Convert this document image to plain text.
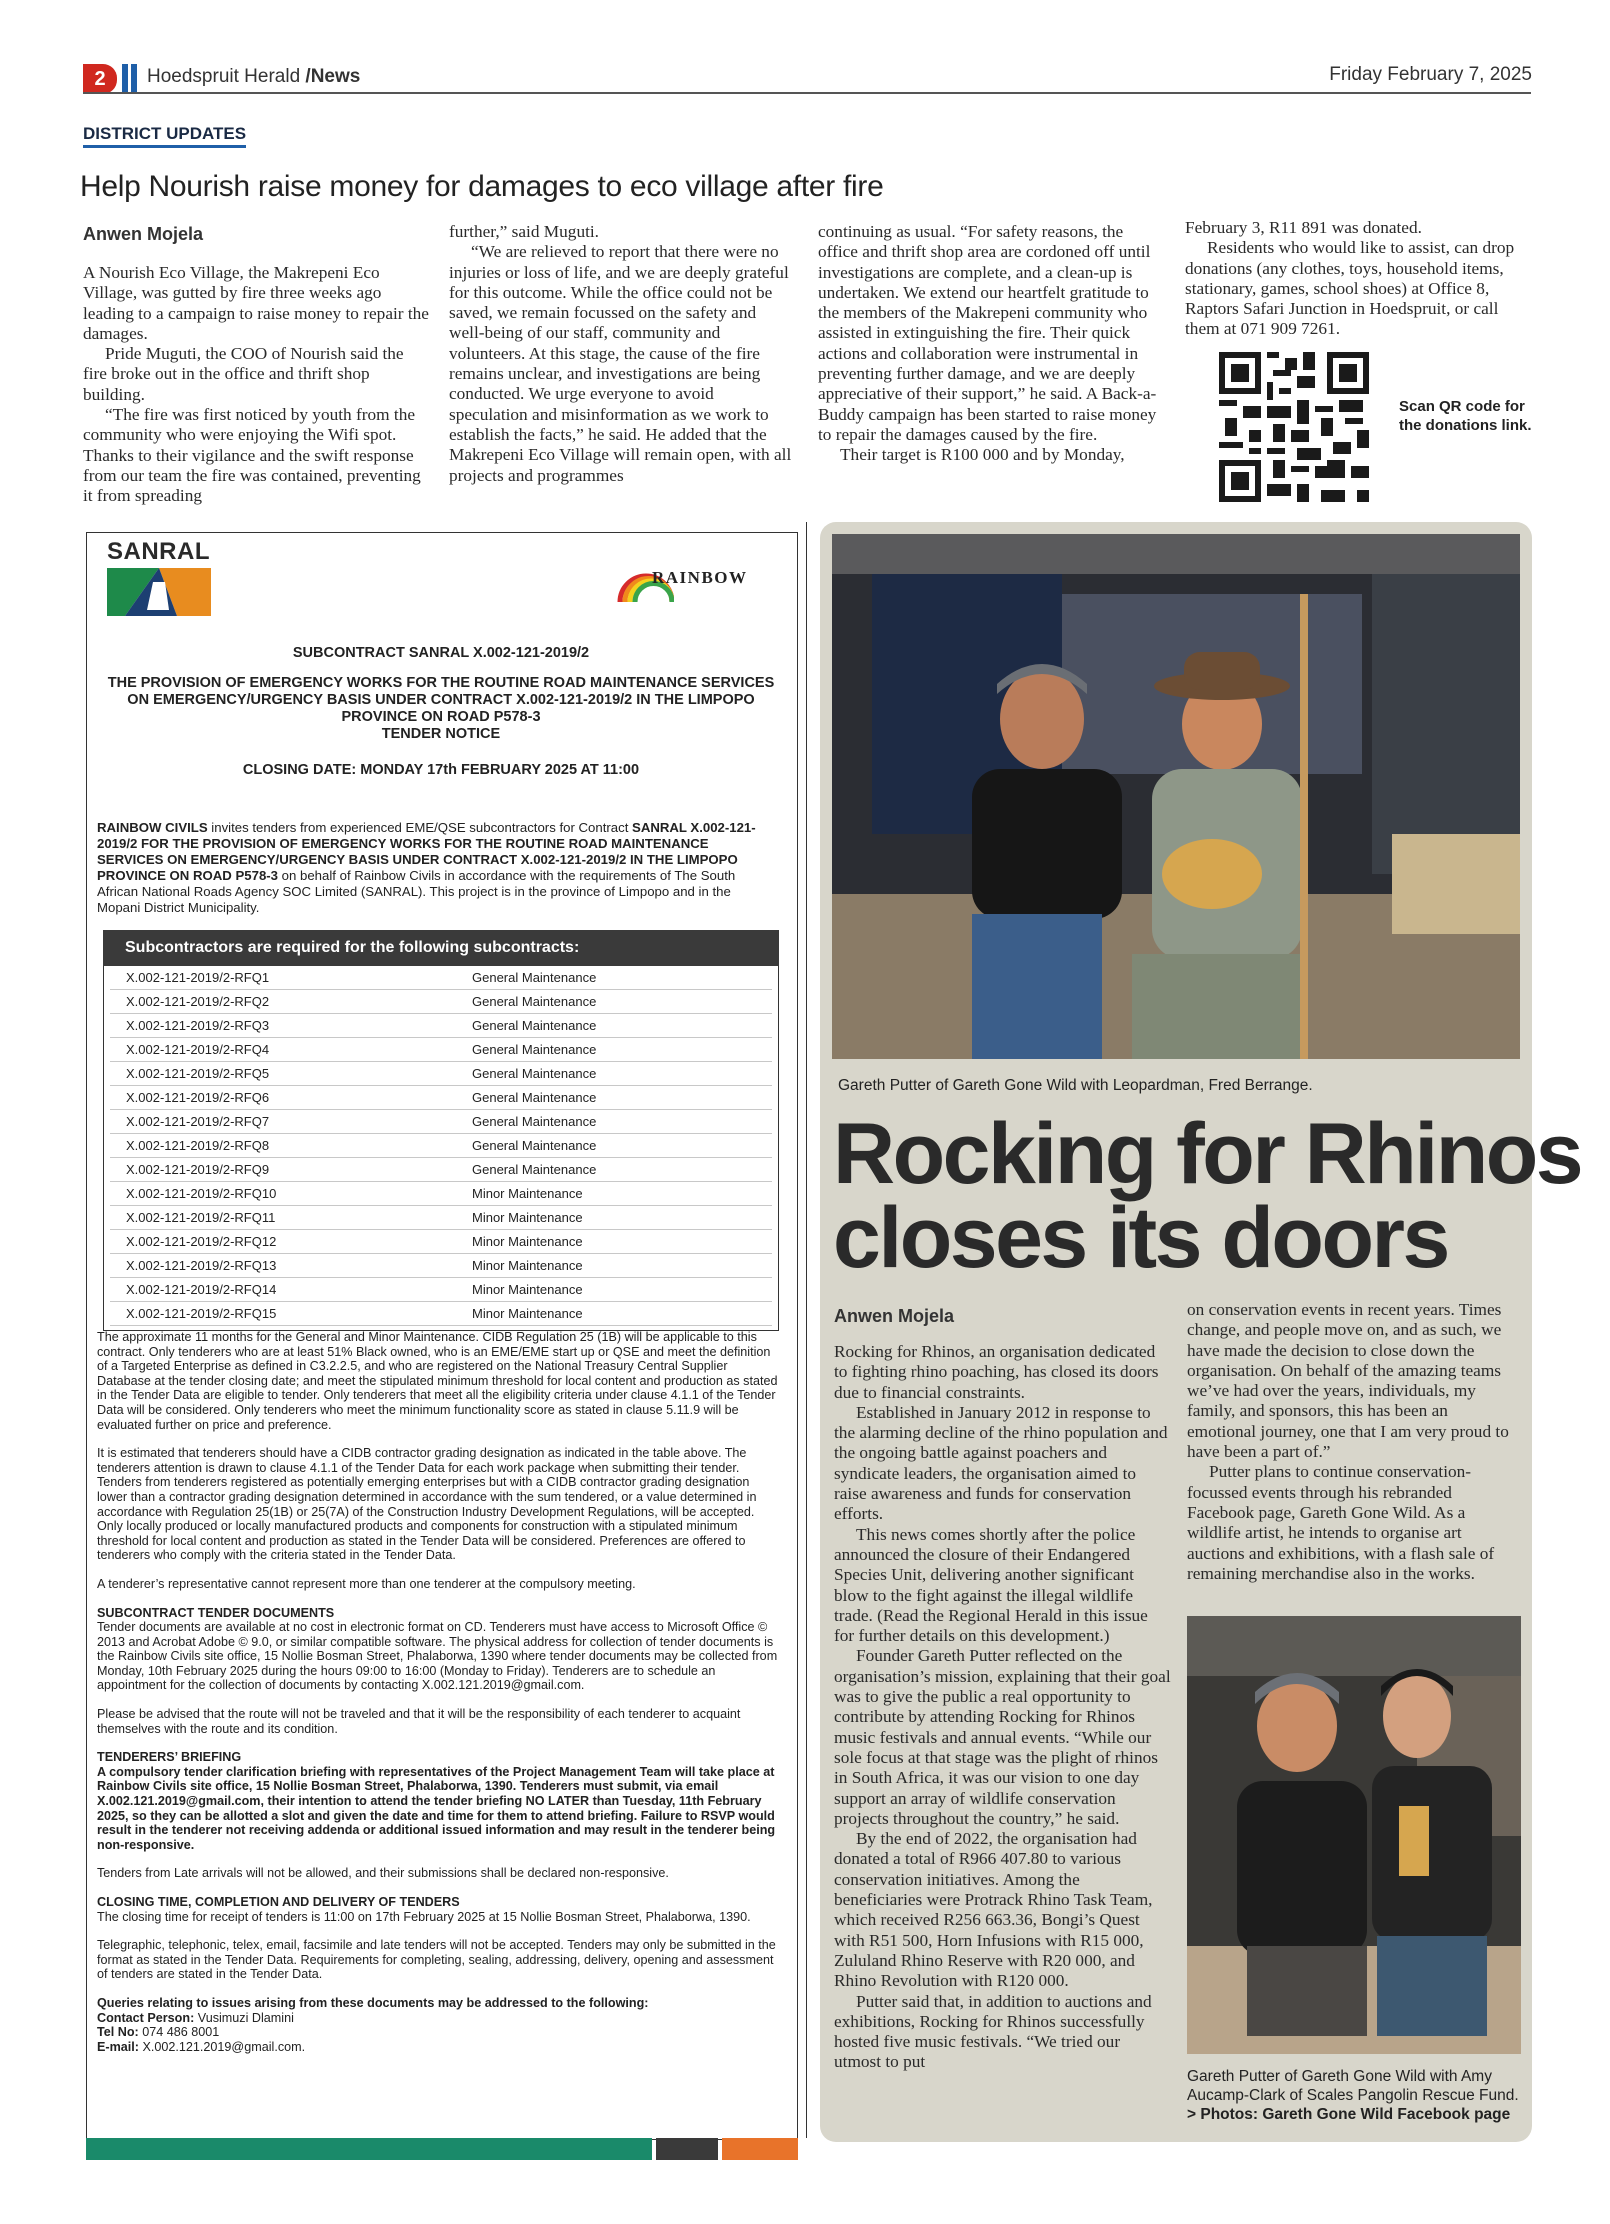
2	Hoedspruit Herald /News	Friday February 7, 2025
DISTRICT UPDATES
Help Nourish raise money for damages to eco village after fire
Anwen Mojela

A Nourish Eco Village, the Makrepeni Eco Village, was gutted by fire three weeks ago leading to a campaign to raise money to repair the damages.

Pride Muguti, the COO of Nourish said the fire broke out in the office and thrift shop building.

“The fire was first noticed by youth from the community who were enjoying the Wifi spot. Thanks to their vigilance and the swift response from our team the fire was contained, preventing it from spreading

further,” said Muguti.

“We are relieved to report that there were no injuries or loss of life, and we are deeply grateful for this outcome. While the office could not be saved, we remain focussed on the safety and well-being of our staff, community and volunteers. At this stage, the cause of the fire remains unclear, and investigations are being conducted. We urge everyone to avoid speculation and misinformation as we work to establish the facts,” he said. He added that the Makrepeni Eco Village will remain open, with all projects and programmes

continuing as usual. “For safety reasons, the office and thrift shop area are cordoned off until investigations are complete, and a clean-up is undertaken. We extend our heartfelt gratitude to the members of the Makrepeni community who assisted in extinguishing the fire. Their quick actions and collaboration were instrumental in preventing further damage, and we are deeply appreciative of their support,” he said. A Back-a-Buddy campaign has been started to raise money to repair the damages caused by the fire.

Their target is R100 000 and by Monday,

February 3, R11 891 was donated.

Residents who would like to assist, can drop donations (any clothes, toys, household items, stationary, games, school shoes) at Office 8, Raptors Safari Junction in Hoedspruit, or call them at 071 909 7261.

Scan QR code for the donations link.
SANRAL
RAINBOW
SUBCONTRACT SANRAL X.002-121-2019/2
THE PROVISION OF EMERGENCY WORKS FOR THE ROUTINE ROAD MAINTENANCE SERVICES ON EMERGENCY/URGENCY BASIS UNDER CONTRACT X.002-121-2019/2 IN THE LIMPOPO PROVINCE ON ROAD P578-3
TENDER NOTICE
CLOSING DATE: MONDAY 17th FEBRUARY 2025 AT 11:00
RAINBOW CIVILS invites tenders from experienced EME/QSE subcontractors for Contract SANRAL X.002-121-2019/2 FOR THE PROVISION OF EMERGENCY WORKS FOR THE ROUTINE ROAD MAINTENANCE SERVICES ON EMERGENCY/URGENCY BASIS UNDER CONTRACT X.002-121-2019/2 IN THE LIMPOPO PROVINCE ON ROAD P578-3 on behalf of Rainbow Civils in accordance with the requirements of The South African National Roads Agency SOC Limited (SANRAL). This project is in the province of Limpopo and in the Mopani District Municipality.
Subcontractors are required for the following subcontracts:
X.002-121-2019/2-RFQ1	General Maintenance
X.002-121-2019/2-RFQ2	General Maintenance
X.002-121-2019/2-RFQ3	General Maintenance
X.002-121-2019/2-RFQ4	General Maintenance
X.002-121-2019/2-RFQ5	General Maintenance
X.002-121-2019/2-RFQ6	General Maintenance
X.002-121-2019/2-RFQ7	General Maintenance
X.002-121-2019/2-RFQ8	General Maintenance
X.002-121-2019/2-RFQ9	General Maintenance
X.002-121-2019/2-RFQ10	Minor Maintenance
X.002-121-2019/2-RFQ11	Minor Maintenance
X.002-121-2019/2-RFQ12	Minor Maintenance
X.002-121-2019/2-RFQ13	Minor Maintenance
X.002-121-2019/2-RFQ14	Minor Maintenance
X.002-121-2019/2-RFQ15	Minor Maintenance
The approximate 11 months for the General and Minor Maintenance. CIDB Regulation 25 (1B) will be applicable to this contract. Only tenderers who are at least 51% Black owned, who is an EME/EME start up or QSE and meet the definition of a Targeted Enterprise as defined in C3.2.2.5, and who are registered on the National Treasury Central Supplier Database at the tender closing date; and meet the stipulated minimum threshold for local content and production as stated in the Tender Data are eligible to tender. Only tenderers that meet all the eligibility criteria under clause 4.1.1 of the Tender Data will be considered. Only tenderers who meet the minimum functionality score as stated in clause 5.11.9 will be evaluated further on price and preference.
It is estimated that tenderers should have a CIDB contractor grading designation as indicated in the table above. The tenderers attention is drawn to clause 4.1.1 of the Tender Data for each work package when submitting their tender. Tenders from tenderers registered as potentially emerging enterprises but with a CIDB contractor grading designation lower than a contractor grading designation determined in accordance with the sum tendered, or a value determined in accordance with Regulation 25(1B) or 25(7A) of the Construction Industry Development Regulations, will be accepted. Only locally produced or locally manufactured products and components for construction with a stipulated minimum threshold for local content and production as stated in the Tender Data will be considered. Preferences are offered to tenderers who comply with the criteria stated in the Tender Data.
A tenderer’s representative cannot represent more than one tenderer at the compulsory meeting.
SUBCONTRACT TENDER DOCUMENTS
Tender documents are available at no cost in electronic format on CD. Tenderers must have access to Microsoft Office © 2013 and Acrobat Adobe © 9.0, or similar compatible software. The physical address for collection of tender documents is the Rainbow Civils site office, 15 Nollie Bosman Street, Phalaborwa, 1390 where tender documents may be collected from Monday, 10th February 2025 during the hours 09:00 to 16:00 (Monday to Friday). Tenderers are to schedule an appointment for the collection of documents by contacting X.002.121.2019@gmail.com.
Please be advised that the route will not be traveled and that it will be the responsibility of each tenderer to acquaint themselves with the route and its condition.
TENDERERS’ BRIEFING
A compulsory tender clarification briefing with representatives of the Project Management Team will take place at Rainbow Civils site office, 15 Nollie Bosman Street, Phalaborwa, 1390. Tenderers must submit, via email X.002.121.2019@gmail.com, their intention to attend the tender briefing NO LATER than Tuesday, 11th February 2025, so they can be allotted a slot and given the date and time for them to attend briefing. Failure to RSVP would result in the tenderer not receiving addenda or additional issued information and may result in the tenderer being non-responsive.
Tenders from Late arrivals will not be allowed, and their submissions shall be declared non-responsive.
CLOSING TIME, COMPLETION AND DELIVERY OF TENDERS
The closing time for receipt of tenders is 11:00 on 17th February 2025 at 15 Nollie Bosman Street, Phalaborwa, 1390.
Telegraphic, telephonic, telex, email, facsimile and late tenders will not be accepted. Tenders may only be submitted in the format as stated in the Tender Data. Requirements for completing, sealing, addressing, delivery, opening and assessment of tenders are stated in the Tender Data.
Queries relating to issues arising from these documents may be addressed to the following:
Contact Person: Vusimuzi Dlamini
Tel No: 074 486 8001
E-mail: X.002.121.2019@gmail.com.
Gareth Putter of Gareth Gone Wild with Leopardman, Fred Berrange.
Rocking for Rhinos
closes its doors
Anwen Mojela

Rocking for Rhinos, an organisation dedicated to fighting rhino poaching, has closed its doors due to financial constraints.

Established in January 2012 in response to the alarming decline of the rhino population and the ongoing battle against poachers and syndicate leaders, the organisation aimed to raise awareness and funds for conservation efforts.

This news comes shortly after the police announced the closure of their Endangered Species Unit, delivering another significant blow to the fight against the illegal wildlife trade. (Read the Regional Herald in this issue for further details on this development.)

Founder Gareth Putter reflected on the organisation’s mission, explaining that their goal was to give the public a real opportunity to contribute by attending Rocking for Rhinos music festivals and annual events. “While our sole focus at that stage was the plight of rhinos in South Africa, it was our vision to one day support an array of wildlife conservation projects throughout the country,” he said.

By the end of 2022, the organisation had donated a total of R966 407.80 to various conservation initiatives. Among the beneficiaries were Protrack Rhino Task Team, which received R256 663.36, Bongi’s Quest with R51 500, Horn Infusions with R15 000, Zululand Rhino Reserve with R20 000, and Rhino Revolution with R120 000.

Putter said that, in addition to auctions and exhibitions, Rocking for Rhinos successfully hosted five music festivals. “We tried our utmost to put

on conservation events in recent years. Times change, and people move on, and as such, we have made the decision to close down the organisation. On behalf of the amazing teams we’ve had over the years, individuals, my family, and sponsors, this has been an emotional journey, one that I am very proud to have been a part of.”

Putter plans to continue conservation-focussed events through his rebranded Facebook page, Gareth Gone Wild. As a wildlife artist, he intends to organise art auctions and exhibitions, with a flash sale of remaining merchandise also in the works.

Gareth Putter of Gareth Gone Wild with Amy Aucamp-Clark of Scales Pangolin Rescue Fund. > Photos: Gareth Gone Wild Facebook page
